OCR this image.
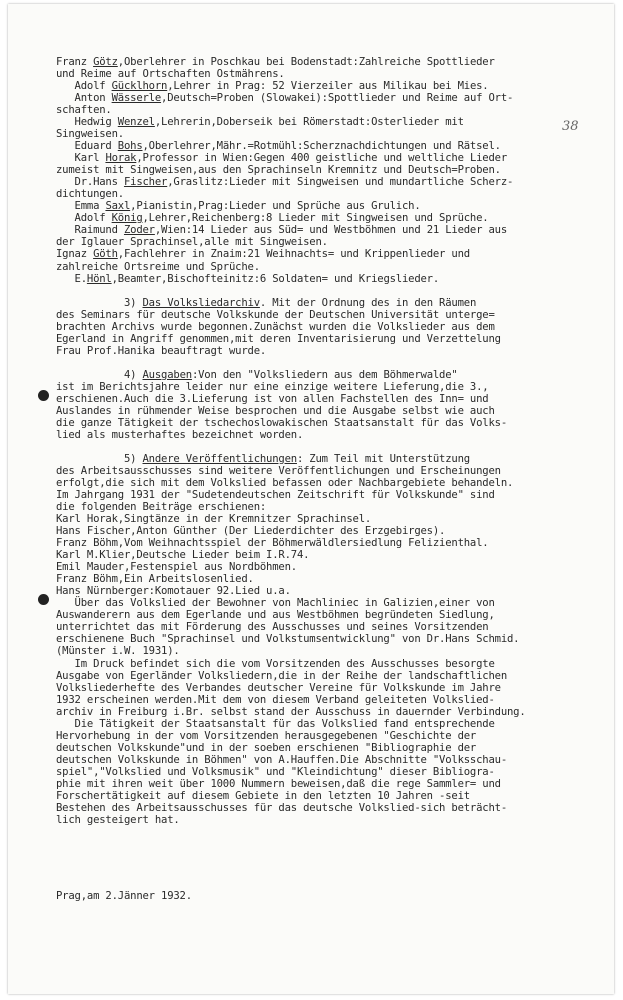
Franz Götz,Oberlehrer in Poschkau bei Bodenstadt:Zahlreiche Spottlieder
und Reime auf Ortschaften Ostmährens.
Adolf Gücklhorn,Lehrer in Prag: 52 Vierzeiler aus Milikau bei Mies.
Anton Wässerle,Deutsch=Proben (Slowakei):Spottlieder und Reime auf Ort-
schaften.
Hedwig Wenzel,Lehrerin,Doberseik bei Römerstadt:Osterlieder mit
Singweisen.
Eduard Bohs,Oberlehrer,Mähr.=Rotmühl:Scherznachdichtungen und Rätsel.
Karl Horak,Professor in Wien:Gegen 400 geistliche und weltliche Lieder
zumeist mit Singweisen,aus den Sprachinseln Kremnitz und Deutsch=Proben.
Dr.Hans Fischer,Graslitz:Lieder mit Singweisen und mundartliche Scherz-
dichtungen.
Emma Saxl,Pianistin,Prag:Lieder und Sprüche aus Grulich.
Adolf König,Lehrer,Reichenberg:8 Lieder mit Singweisen und Sprüche.
Raimund Zoder,Wien:14 Lieder aus Süd= und Westböhmen und 21 Lieder aus
der Iglauer Sprachinsel,alle mit Singweisen.
Ignaz Göth,Fachlehrer in Znaim:21 Weihnachts= und Krippenlieder und
zahlreiche Ortsreime und Sprüche.
E.Hönl,Beamter,Bischofteinitz:6 Soldaten= und Kriegslieder.
3) Das Volksliedarchiv. Mit der Ordnung des in den Räumen
des Seminars für deutsche Volkskunde der Deutschen Universität unterge=
brachten Archivs wurde begonnen.Zunächst wurden die Volkslieder aus dem
Egerland in Angriff genommen,mit deren Inventarisierung und Verzettelung
Frau Prof.Hanika beauftragt wurde.
4) Ausgaben:Von den "Volksliedern aus dem Böhmerwalde"
ist im Berichtsjahre leider nur eine einzige weitere Lieferung,die 3.,
erschienen.Auch die 3.Lieferung ist von allen Fachstellen des Inn= und
Auslandes in rühmender Weise besprochen und die Ausgabe selbst wie auch
die ganze Tätigkeit der tschechoslowakischen Staatsanstalt für das Volks-
lied als musterhaftes bezeichnet worden.
5) Andere Veröffentlichungen: Zum Teil mit Unterstützung
des Arbeitsausschusses sind weitere Veröffentlichungen und Erscheinungen
erfolgt,die sich mit dem Volkslied befassen oder Nachbargebiete behandeln.
Im Jahrgang 1931 der "Sudetendeutschen Zeitschrift für Volkskunde" sind
die folgenden Beiträge erschienen:
Karl Horak,Singtänze in der Kremnitzer Sprachinsel.
Hans Fischer,Anton Günther (Der Liederdichter des Erzgebirges).
Franz Böhm,Vom Weihnachtsspiel der Böhmerwäldlersiedlung Felizienthal.
Karl M.Klier,Deutsche Lieder beim I.R.74.
Emil Mauder,Festenspiel aus Nordböhmen.
Franz Böhm,Ein Arbeitslosenlied.
Hans Nürnberger:Komotauer 92.Lied u.a.
Über das Volkslied der Bewohner von Machliniec in Galizien,einer von
Auswanderern aus dem Egerlande und aus Westböhmen begründeten Siedlung,
unterrichtet das mit Förderung des Ausschusses und seines Vorsitzenden
erschienene Buch "Sprachinsel und Volkstumsentwicklung" von Dr.Hans Schmid.
(Münster i.W. 1931).
Im Druck befindet sich die vom Vorsitzenden des Ausschusses besorgte
Ausgabe von Egerländer Volksliedern,die in der Reihe der landschaftlichen
Volksliederhefte des Verbandes deutscher Vereine für Volkskunde im Jahre
1932 erscheinen werden.Mit dem von diesem Verband geleiteten Volkslied-
archiv in Freiburg i.Br. selbst stand der Ausschuss in dauernder Verbindung.
Die Tätigkeit der Staatsanstalt für das Volkslied fand entsprechende
Hervorhebung in der vom Vorsitzenden herausgegebenen "Geschichte der
deutschen Volkskunde"und in der soeben erschienen "Bibliographie der
deutschen Volkskunde in Böhmen" von A.Hauffen.Die Abschnitte "Volksschau-
spiel","Volkslied und Volksmusik" und "Kleindichtung" dieser Bibliogra-
phie mit ihren weit über 1000 Nummern beweisen,daß die rege Sammler= und
Forschertätigkeit auf diesem Gebiete in den letzten 10 Jahren -seit
Bestehen des Arbeitsausschusses für das deutsche Volkslied-sich beträcht-
lich gesteigert hat.
Prag,am 2.Jänner 1932.
38
